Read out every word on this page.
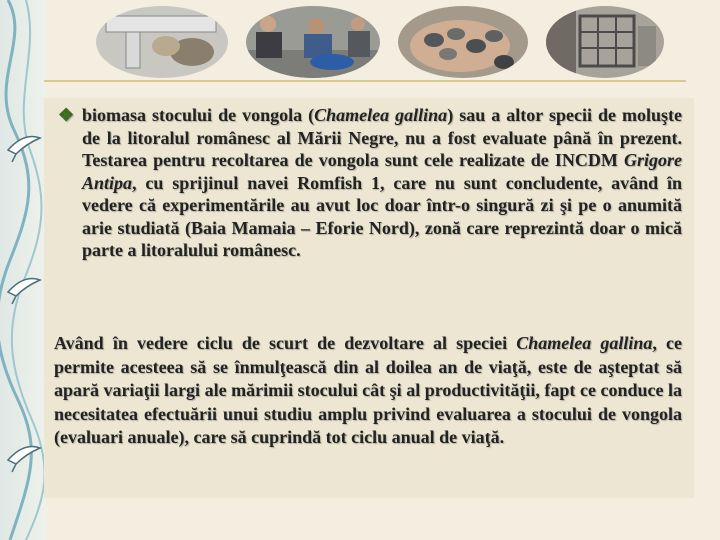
❖ biomasa stocului de vongola (Chamelea gallina) sau a altor specii de moluşte de la litoralul românesc al Mării Negre, nu a fost evaluate până în prezent. Testarea pentru recoltarea de vongola sunt cele realizate de INCDM Grigore Antipa, cu sprijinul navei Romfish 1, care nu sunt concludente, având în vedere că experimentările au avut loc doar într-o singură zi şi pe o anumită arie studiată (Baia Mamaia – Eforie Nord), zonă care reprezintă doar o mică parte a litoralului românesc.
Având în vedere ciclu de scurt de dezvoltare al speciei Chamelea gallina, ce permite acesteea să se înmulţească din al doilea an de viaţă, este de aşteptat să apară variaţii largi ale mărimii stocului cât şi al productivităţii, fapt ce conduce la necesitatea efectuării unui studiu amplu privind evaluarea a stocului de vongola (evaluari anuale), care să cuprindă tot ciclu anual de viaţă.
